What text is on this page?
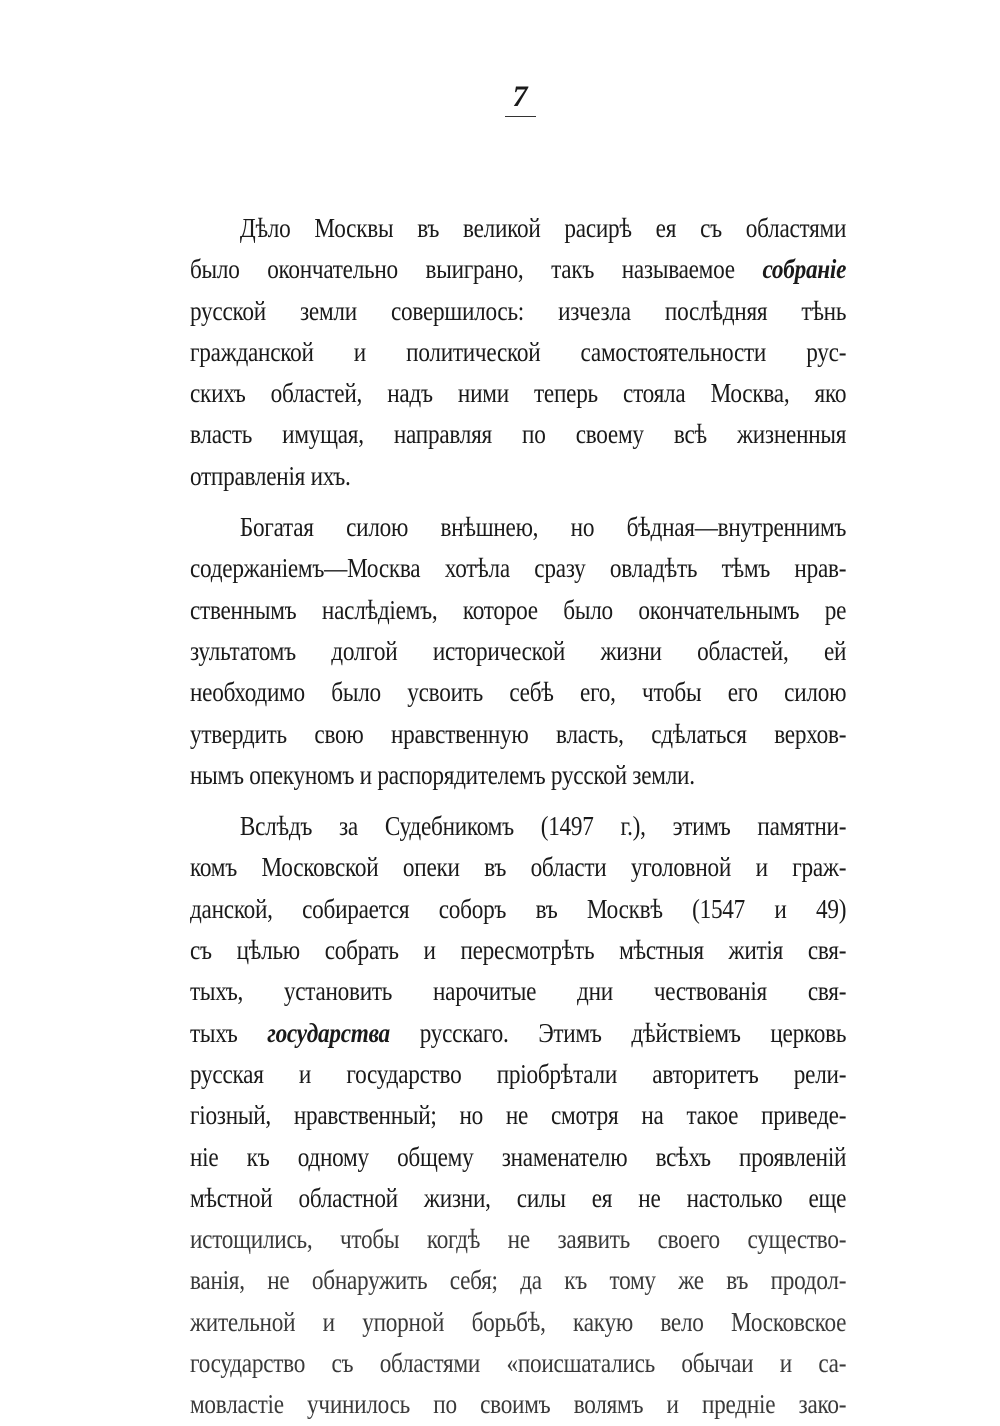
7
Дѣло Москвы въ великой расирѣ ея съ областями
было окончательно выиграно, такъ называемое собранiе
русской земли совершилось: изчезла послѣдняя тѣнь
гражданской и политической самостоятельности рус-
скихъ областей, надъ ними теперь стояла Москва, яко
власть имущая, направляя по своему всѣ жизненныя
отправленiя ихъ.
Богатая силою внѣшнею, но бѣдная—внутреннимъ
содержанiемъ—Москва хотѣла сразу овладѣть тѣмъ нрав-
ственнымъ наслѣдiемъ, которое было окончательнымъ ре
зультатомъ долгой исторической жизни областей, ей
необходимо было усвоить себѣ его, чтобы его силою
утвердить свою нравственную власть, сдѣлаться верхов-
нымъ опекуномъ и распорядителемъ русской земли.
Вслѣдъ за Судебникомъ (1497 г.), этимъ памятни-
комъ Московской опеки въ области уголовной и граж-
данской, собирается соборъ въ Москвѣ (1547 и 49)
съ цѣлью собрать и пересмотрѣть мѣстныя житiя свя-
тыхъ, установить нарочитые дни чествованiя свя-
тыхъ государства русскаго. Этимъ дѣйствiемъ церковь
русская и государство прiобрѣтали авторитетъ рели-
гiозный, нравственный; но не смотря на такое приведе-
нiе къ одному общему знаменателю всѣхъ проявленiй
мѣстной областной жизни, силы ея не настолько еще
истощились, чтобы когдѣ не заявить своего существо-
ванiя, не обнаружить себя; да къ тому же въ продол-
жительной и упорной борьбѣ, какую вело Московское
государство съ областями «поисшатались обычаи и са-
мовластiе учинилось по своимъ волямъ и преднiе зако-
